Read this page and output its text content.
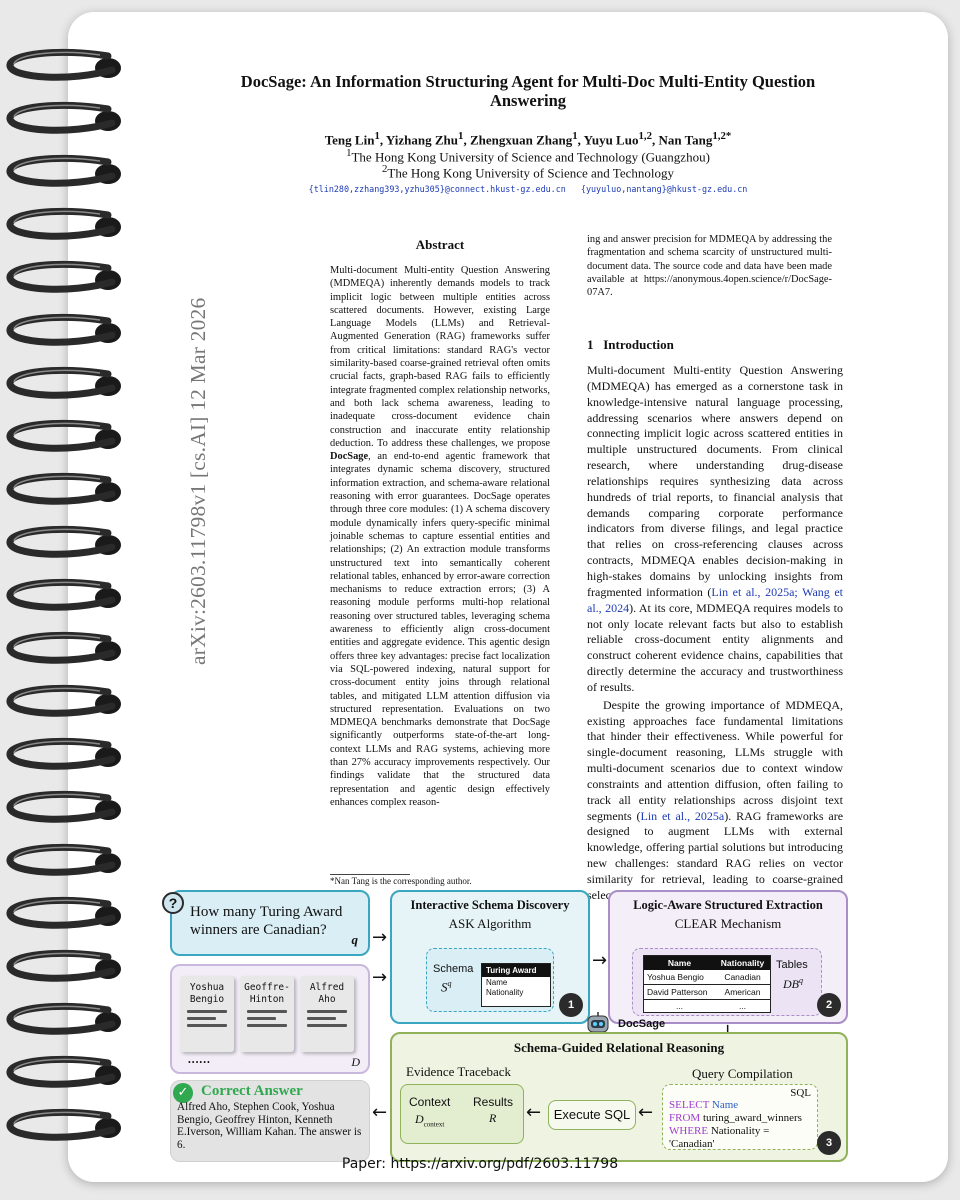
DocSage: An Information Structuring Agent for Multi-Doc Multi-Entity Question Answering
Teng Lin$^1$, Yizhang Zhu$^1$, Zhengxuan Zhang$^1$, Yuyu Luo$^{1,2}$, Nan Tang$^{1,2*}$
$^1$The Hong Kong University of Science and Technology (Guangzhou)
$^2$The Hong Kong University of Science and Technology
{tlin280,zzhang393,yzhu305}@connect.hkust-gz.edu.cn   {yuyuluo,nantang}@hkust-gz.edu.cn
Abstract
Multi-document Multi-entity Question Answering (MDMEQA) inherently demands models to track implicit logic between multiple entities across scattered documents. However, existing Large Language Models (LLMs) and Retrieval-Augmented Generation (RAG) frameworks suffer from critical limitations: standard RAG's vector similarity-based coarse-grained retrieval often omits crucial facts, graph-based RAG fails to efficiently integrate fragmented complex relationship networks, and both lack schema awareness, leading to inadequate cross-document evidence chain construction and inaccurate entity relationship deduction. To address these challenges, we propose DocSage, an end-to-end agentic framework that integrates dynamic schema discovery, structured information extraction, and schema-aware relational reasoning with error guarantees. DocSage operates through three core modules: (1) A schema discovery module dynamically infers query-specific minimal joinable schemas to capture essential entities and relationships; (2) An extraction module transforms unstructured text into semantically coherent relational tables, enhanced by error-aware correction mechanisms to reduce extraction errors; (3) A reasoning module performs multi-hop relational reasoning over structured tables, leveraging schema awareness to efficiently align cross-document entities and aggregate evidence. This agentic design offers three key advantages: precise fact localization via SQL-powered indexing, natural support for cross-document entity joins through relational tables, and mitigated LLM attention diffusion via structured representation. Evaluations on two MDMEQA benchmarks demonstrate that DocSage significantly outperforms state-of-the-art long-context LLMs and RAG systems, achieving more than 27% accuracy improvements respectively. Our findings validate that the structured data representation and agentic design effectively enhances complex reason-
*Nan Tang is the corresponding author.
ing and answer precision for MDMEQA by addressing the fragmentation and schema scarcity of unstructured multi-document data. The source code and data have been made available at https://anonymous.4open.science/r/DocSage-07A7.
1 Introduction

Multi-document Multi-entity Question Answering (MDMEQA) has emerged as a cornerstone task in knowledge-intensive natural language processing, addressing scenarios where answers depend on connecting implicit logic across scattered entities in multiple unstructured documents. From clinical research, where understanding drug-disease relationships requires synthesizing data across hundreds of trial reports, to financial analysis that demands comparing corporate performance indicators from diverse filings, and legal practice that relies on cross-referencing clauses across contracts, MDMEQA enables decision-making in high-stakes domains by unlocking insights from fragmented information (Lin et al., 2025a; Wang et al., 2024). At its core, MDMEQA requires models to not only locate relevant facts but also to establish reliable cross-document entity alignments and construct coherent evidence chains, capabilities that directly determine the accuracy and trustworthiness of results.

Despite the growing importance of MDMEQA, existing approaches face fundamental limitations that hinder their effectiveness. While powerful for single-document reasoning, LLMs struggle with multi-document scenarios due to context window constraints and attention diffusion, often failing to track all entity relationships across disjoint text segments (Lin et al., 2025a). RAG frameworks are designed to augment LLMs with external knowledge, offering partial solutions but introducing new challenges: standard RAG relies on vector similarity for retrieval, leading to coarse-grained

How many Turing Award winners are Canadian?
q
?
Yoshua Bengio
Geoffre- Hinton
Alfred Aho
••••••	D
→
→
Interactive Schema Discovery
ASK Algorithm
Schema
$S^q$
Turing Award
Name
Nationality
1
→
Logic-Aware Structured Extraction
CLEAR Mechanism
Name	Nationality
Yoshua Bengio	Canadian
David Patterson	American
...	...
Tables
$DB^q$
2
DocSage
Schema-Guided Relational Reasoning
Evidence Traceback
Context
$D_{context}$
Results
R ← Execute SQL ←
Query Compilation
SQL
SELECT Name
FROM turing_award_winners
WHERE Nationality = 'Canadian'	3
←
✓ Correct Answer
Alfred Aho, Stephen Cook, Yoshua Bengio, Geoffrey Hinton, Kenneth E.Iverson, William Kahan. The answer is 6.
Paper: https://arxiv.org/pdf/2603.11798
arXiv:2603.11798v1 [cs.AI] 12 Mar 2026
